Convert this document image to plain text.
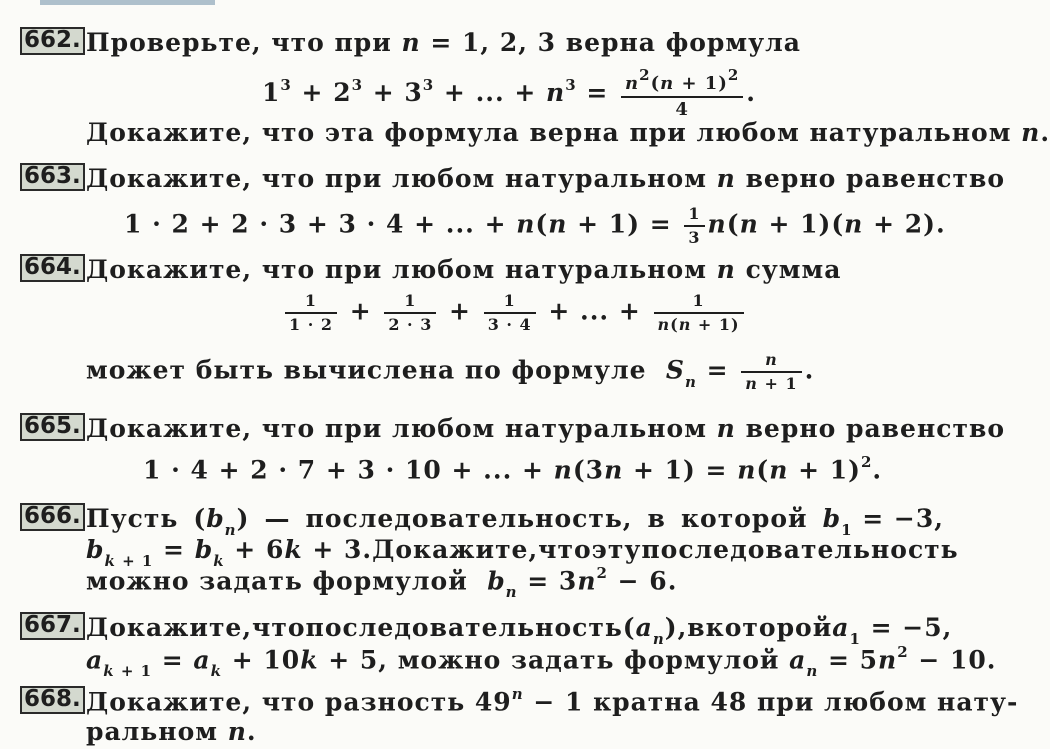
662. Проверьте, что при n = 1, 2, 3 верна формула
$1^3 + 2^3 + 3^3$ + ... + $n^3 = \frac{n^2(n + 1)^2}{4}$ .
Докажите, что эта формула верна при любом натуральном n.
663. Докажите, что при любом натуральном n верно равенство
1 · 2 + 2 · 3 + 3 · 4 + ... + $n(n + 1) = \frac{1}{3} n(n + 1)(n + 2)$.
664. Докажите, что при любом натуральном n сумма
$\frac{1}{1 \cdot 2} + \frac{1}{2 \cdot 3} + \frac{1}{3 \cdot 4}$ + ... + $\frac{1}{n(n + 1)}$
может быть вычислена по формуле $S_n = \frac{n}{n + 1}$ .
665. Докажите, что при любом натуральном n верно равенство
1 · 4 + 2 · 7 + 3 · 10 + ... + $n(3n + 1) = n(n + 1)^2$.
666. Пусть $(b_n)$ — последовательность, в которой $b_1 = -3$,
$b_{k + 1} = b_k + 6k + 3$. Докажите, что эту последовательность
можно задать формулой $b_n = 3n^2 - 6$.
667. Докажите, что последовательность $(a_n)$, в которой $a_1 = -5$,
$a_{k + 1} = a_k + 10k + 5$, можно задать формулой $a_n = 5n^2 - 10$.
668. Докажите, что разность $49^n - 1$ кратна 48 при любом нату-
ральном n.
